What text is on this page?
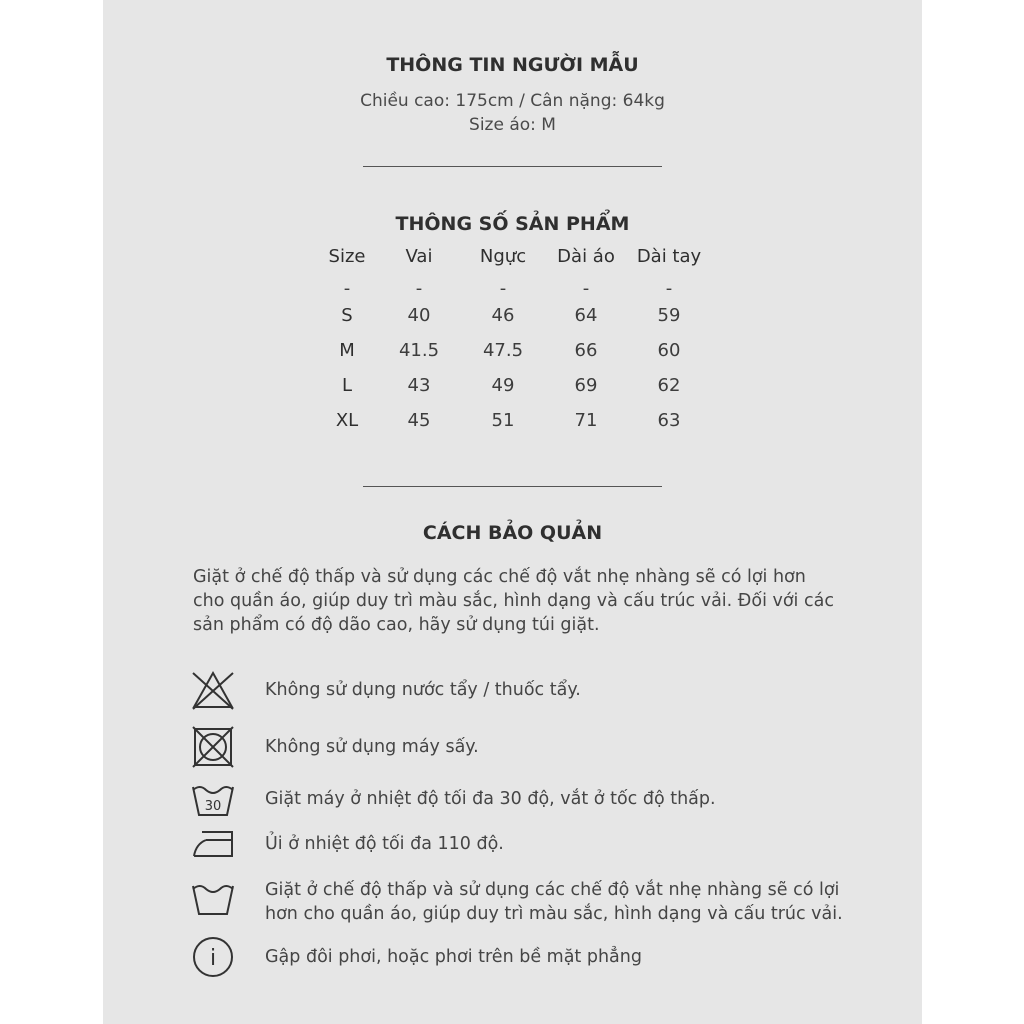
THÔNG TIN NGƯỜI MẪU
Chiều cao: 175cm / Cân nặng: 64kg
Size áo: M
THÔNG SỐ SẢN PHẨM
Size	Vai	Ngực	Dài áo	Dài tay
-	-	-	-	-
S	40	46	64	59
M	41.5	47.5	66	60
L	43	49	69	62
XL	45	51	71	63
CÁCH BẢO QUẢN
Giặt ở chế độ thấp và sử dụng các chế độ vắt nhẹ nhàng sẽ có lợi hơn
cho quần áo, giúp duy trì màu sắc, hình dạng và cấu trúc vải. Đối với các
sản phẩm có độ dão cao, hãy sử dụng túi giặt.
Không sử dụng nước tẩy / thuốc tẩy.
Không sử dụng máy sấy.
30 Giặt máy ở nhiệt độ tối đa 30 độ, vắt ở tốc độ thấp.
Ủi ở nhiệt độ tối đa 110 độ.
Giặt ở chế độ thấp và sử dụng các chế độ vắt nhẹ nhàng sẽ có lợi
hơn cho quần áo, giúp duy trì màu sắc, hình dạng và cấu trúc vải.
i	Gập đôi phơi, hoặc phơi trên bề mặt phẳng
